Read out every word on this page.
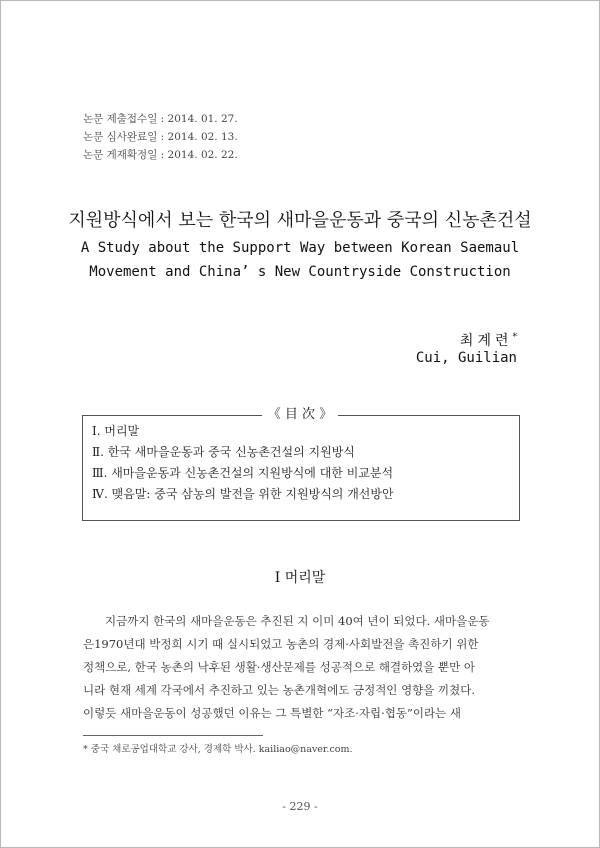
논문 제출접수일 : 2014. 01. 27.
논문 심사완료일 : 2014. 02. 13.
논문 게재확정일 : 2014. 02. 22.
지원방식에서 보는 한국의 새마을운동과 중국의 신농촌건설
A Study about the Support Way between Korean Saemaul
Movement and China’ s New Countryside Construction
최계련*
Cui, Guilian
《 目 次 》
Ⅰ. 머리말
Ⅱ. 한국 새마을운동과 중국 신농촌건설의 지원방식
Ⅲ. 새마을운동과 신농촌건설의 지원방식에 대한 비교분석
Ⅳ. 맺음말: 중국 삼농의 발전을 위한 지원방식의 개선방안
Ⅰ 머리말
지금까지 한국의 새마을운동은 추진된 지 이미 40여 년이 되었다. 새마을운동
은1970년대 박정희 시기 때 실시되었고 농촌의 경제·사회발전을 촉진하기 위한
정책으로, 한국 농촌의 낙후된 생활·생산문제를 성공적으로 해결하였을 뿐만 아
니라 현재 세계 각국에서 추진하고 있는 농촌개혁에도 긍정적인 영향을 끼쳤다.
이렇듯 새마을운동이 성공했던 이유는 그 특별한 “자조·자립·협동”이라는 새
* 중국 채로공업대학교 강사, 경제학 박사. kailiao@naver.com.
- 229 -
